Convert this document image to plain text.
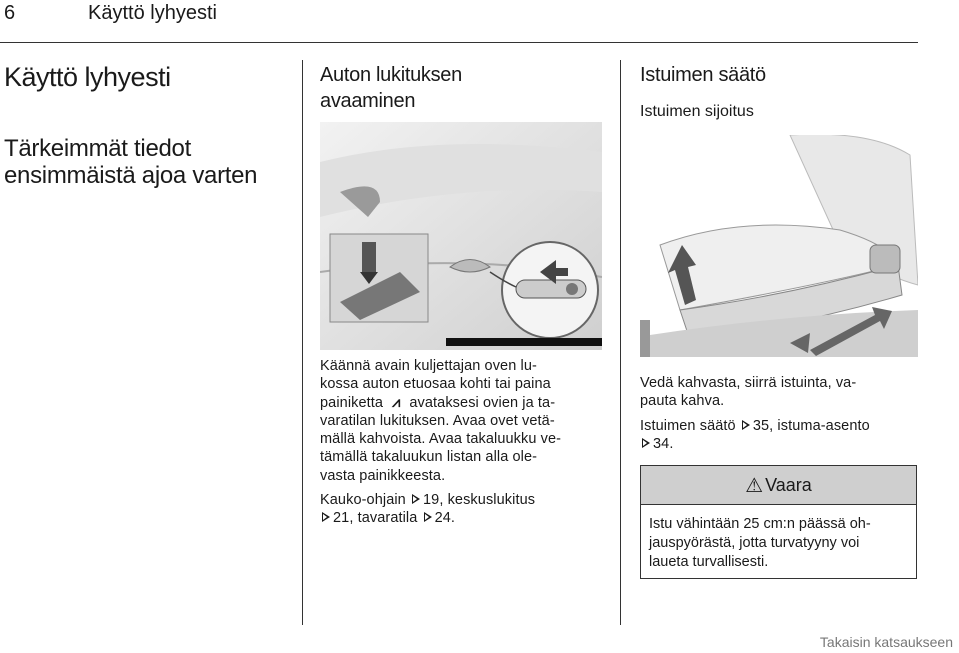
6	Käyttö lyhyesti
Käyttö lyhyesti
Tärkeimmät tiedot ensimmäistä ajoa varten
Auton lukituksen
avaaminen

Käännä avain kuljettajan oven lu-
kossa auton etuosaa kohti tai paina
painiketta ⩘ avataksesi ovien ja ta-
varatilan lukituksen. Avaa ovet vetä-
mällä kahvoista. Avaa takaluukku ve-
tämällä takaluukun listan alla ole-
vasta painikkeesta.

Kauko-ohjain 19, keskuslukitus
21, tavaratila 24.

Istuimen säätö
Istuimen sijoitus

Vedä kahvasta, siirrä istuinta, va-
pauta kahva.

Istuimen säätö 35, istuma-asento
34.

⚠ Vaara
Istu vähintään 25 cm:n päässä oh-
jauspyörästä, jotta turvatyyny voi
laueta turvallisesti.
Takaisin katsaukseen
